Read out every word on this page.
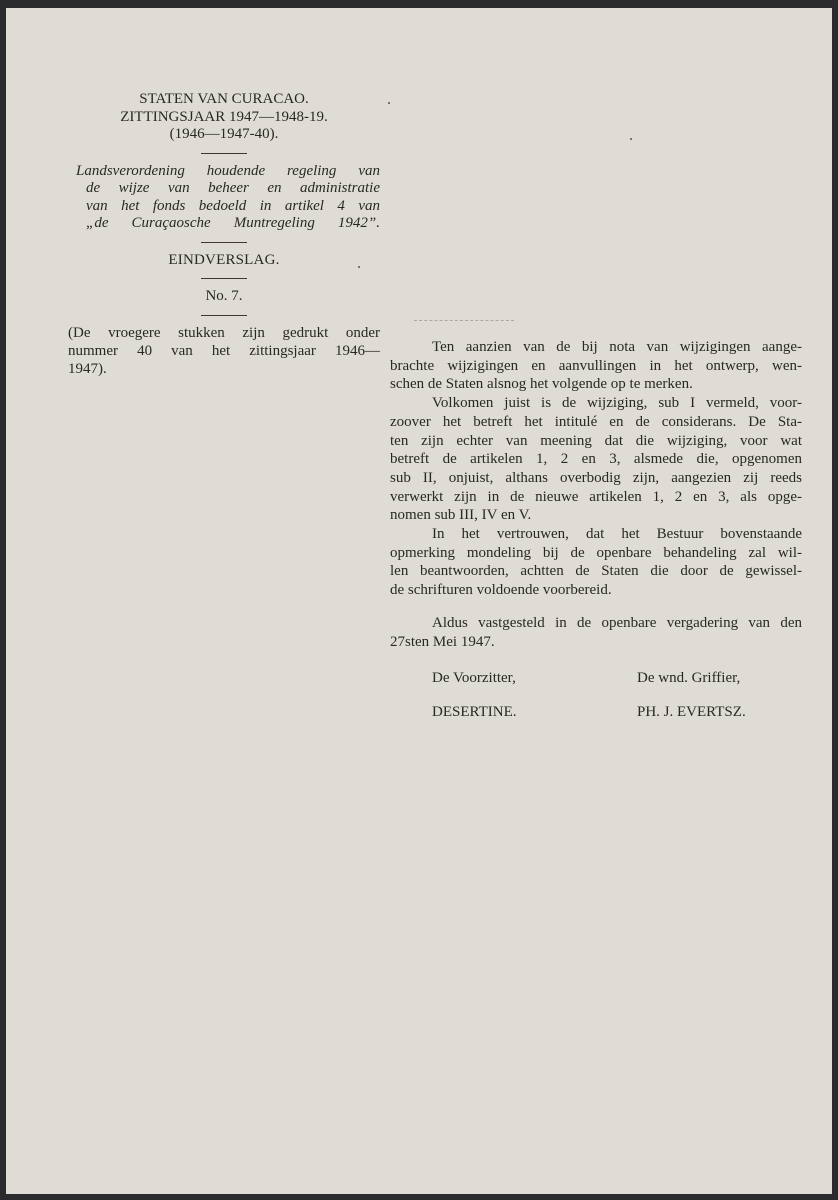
STATEN VAN CURACAO.
ZITTINGSJAAR 1947—1948-19.
(1946—1947-40).
Landsverordening houdende regeling van
de wijze van beheer en administratie
van het fonds bedoeld in artikel 4 van
„de Curaçaosche Muntregeling 1942”.
EINDVERSLAG.
No. 7.
(De vroegere stukken zijn gedrukt onder
nummer 40 van het zittingsjaar 1946—
1947).

Ten aanzien van de bij nota van wijzigingen aange-
brachte wijzigingen en aanvullingen in het ontwerp, wen-
schen de Staten alsnog het volgende op te merken.

Volkomen juist is de wijziging, sub I vermeld, voor-
zoover het betreft het intitulé en de considerans. De Sta-
ten zijn echter van meening dat die wijziging, voor wat
betreft de artikelen 1, 2 en 3, alsmede die, opgenomen
sub II, onjuist, althans overbodig zijn, aangezien zij reeds
verwerkt zijn in de nieuwe artikelen 1, 2 en 3, als opge-
nomen sub III, IV en V.

In het vertrouwen, dat het Bestuur bovenstaande
opmerking mondeling bij de openbare behandeling zal wil-
len beantwoorden, achtten de Staten die door de gewissel-
de schrifturen voldoende voorbereid.

Aldus vastgesteld in de openbare vergadering van den
27sten Mei 1947.

De Voorzitter,	De wnd. Griffier,
DESERTINE.	PH. J. EVERTSZ.
